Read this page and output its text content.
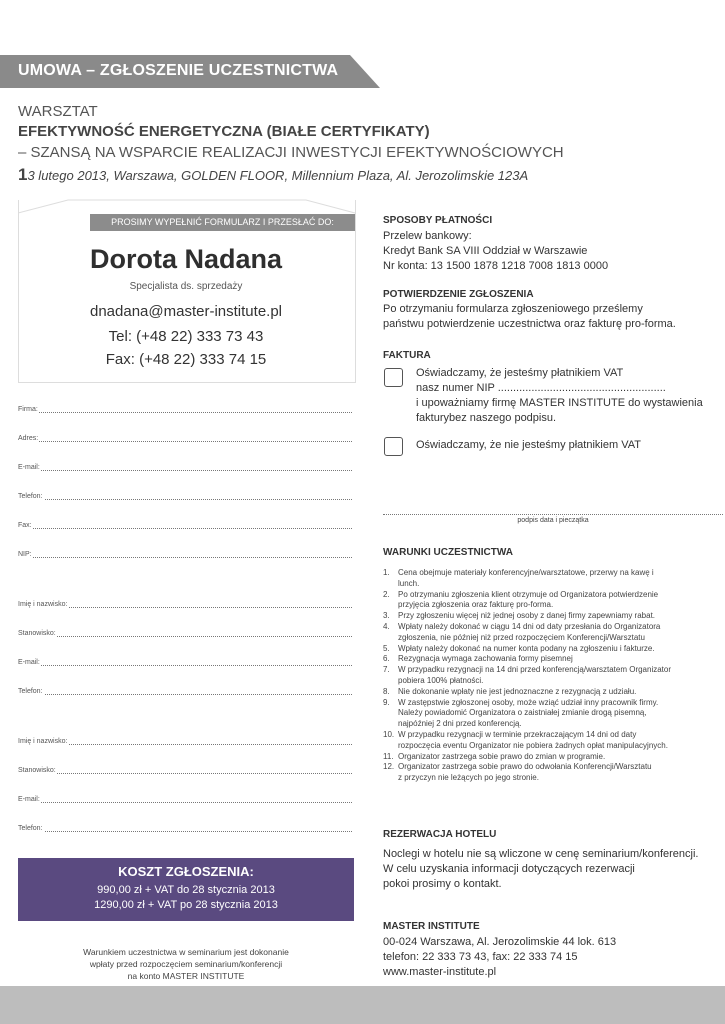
UMOWA – ZGŁOSZENIE UCZESTNICTWA
WARSZTAT
EFEKTYWNOŚĆ ENERGETYCZNA (BIAŁE CERTYFIKATY)
– SZANSĄ NA WSPARCIE REALIZACJI INWESTYCJI EFEKTYWNOŚCIOWYCH
13 lutego 2013, Warszawa, GOLDEN FLOOR, Millennium Plaza, Al. Jerozolimskie 123A
PROSIMY WYPEŁNIĆ FORMULARZ I PRZESŁAĆ DO:
Dorota Nadana
Specjalista ds. sprzedaży
dnadana@master-institute.pl
Tel: (+48 22) 333 73 43
Fax: (+48 22) 333 74 15
Firma:
Adres:
E-mail:
Telefon:
Fax:
NIP:
Imię i nazwisko:
Stanowisko:
E-mail:
Telefon:
Imię i nazwisko:
Stanowisko:
E-mail:
Telefon:
KOSZT ZGŁOSZENIA:
990,00 zł + VAT do 28 stycznia 2013
1290,00 zł + VAT po 28 stycznia 2013
Warunkiem uczestnictwa w seminarium jest dokonanie
wpłaty przed rozpoczęciem seminarium/konferencji
na konto MASTER INSTITUTE
SPOSOBY PŁATNOŚCI
Przelew bankowy:
Kredyt Bank SA VIII Oddział w Warszawie
Nr konta: 13 1500 1878 1218 7008 1813 0000
POTWIERDZENIE ZGŁOSZENIA
Po otrzymaniu formularza zgłoszeniowego prześlemy
państwu potwierdzenie uczestnictwa oraz fakturę pro-forma.
FAKTURA
Oświadczamy, że jesteśmy płatnikiem VAT
nasz numer NIP .......................................................
i upoważniamy firmę MASTER INSTITUTE do wystawienia
fakturybez naszego podpisu.
Oświadczamy, że nie jesteśmy płatnikiem VAT
podpis data i pieczątka
WARUNKI UCZESTNICTWA
1. Cena obejmuje materiały konferencyjne/warsztatowe, przerwy na kawę i
lunch.
2. Po otrzymaniu zgłoszenia klient otrzymuje od Organizatora potwierdzenie
przyjęcia zgłoszenia oraz fakturę pro-forma.
3. Przy zgłoszeniu więcej niż jednej osoby z danej firmy zapewniamy rabat.
4. Wpłaty należy dokonać w ciągu 14 dni od daty przesłania do Organizatora
zgłoszenia, nie później niż przed rozpoczęciem Konferencji/Warsztatu
5. Wpłaty należy dokonać na numer konta podany na zgłoszeniu i fakturze.
6. Rezygnacja wymaga zachowania formy pisemnej
7. W przypadku rezygnacji na 14 dni przed konferencją/warsztatem Organizator
pobiera 100% płatności.
8. Nie dokonanie wpłaty nie jest jednoznaczne z rezygnacją z udziału.
9. W zastępstwie zgłoszonej osoby, może wziąć udział inny pracownik firmy.
Należy powiadomić Organizatora o zaistniałej zmianie drogą pisemną,
najpóźniej 2 dni przed konferencją.
10. W przypadku rezygnacji w terminie przekraczającym 14 dni od daty
rozpoczęcia eventu Organizator nie pobiera żadnych opłat manipulacyjnych.
11. Organizator zastrzega sobie prawo do zmian w programie.
12. Organizator zastrzega sobie prawo do odwołania Konferencji/Warsztatu
z przyczyn nie leżących po jego stronie.
REZERWACJA HOTELU
Noclegi w hotelu nie są wliczone w cenę seminarium/konferencji.
W celu uzyskania informacji dotyczących rezerwacji
pokoi prosimy o kontakt.
MASTER INSTITUTE
00-024 Warszawa, Al. Jerozolimskie 44 lok. 613
telefon: 22 333 73 43, fax: 22 333 74 15
www.master-institute.pl
